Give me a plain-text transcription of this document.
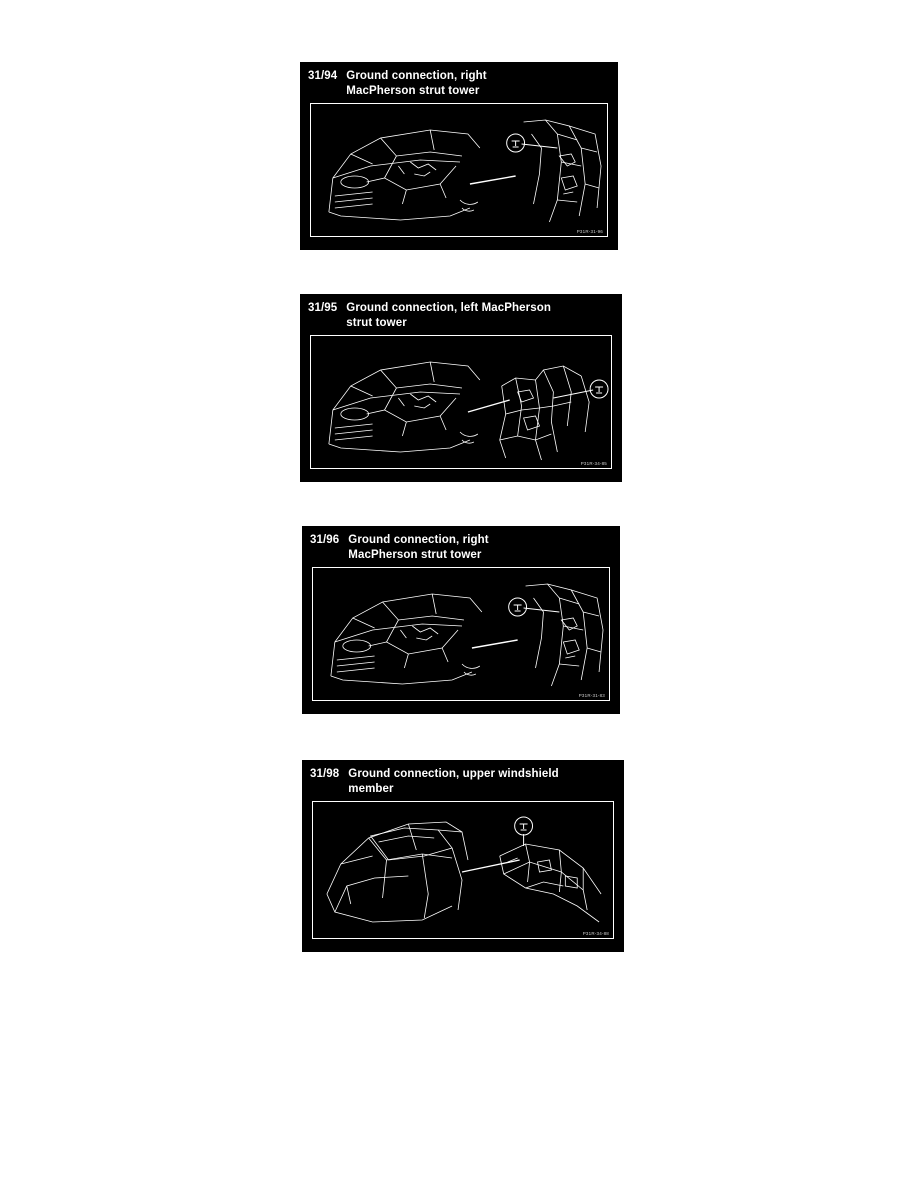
31/94 Ground connection, right
MacPherson strut tower
P31R-31-96
31/95 Ground connection, left MacPherson
strut tower
P31R-34-85
31/96 Ground connection, right
MacPherson strut tower
P31R-31-83
31/98 Ground connection, upper windshield
member
P31R-34-88
